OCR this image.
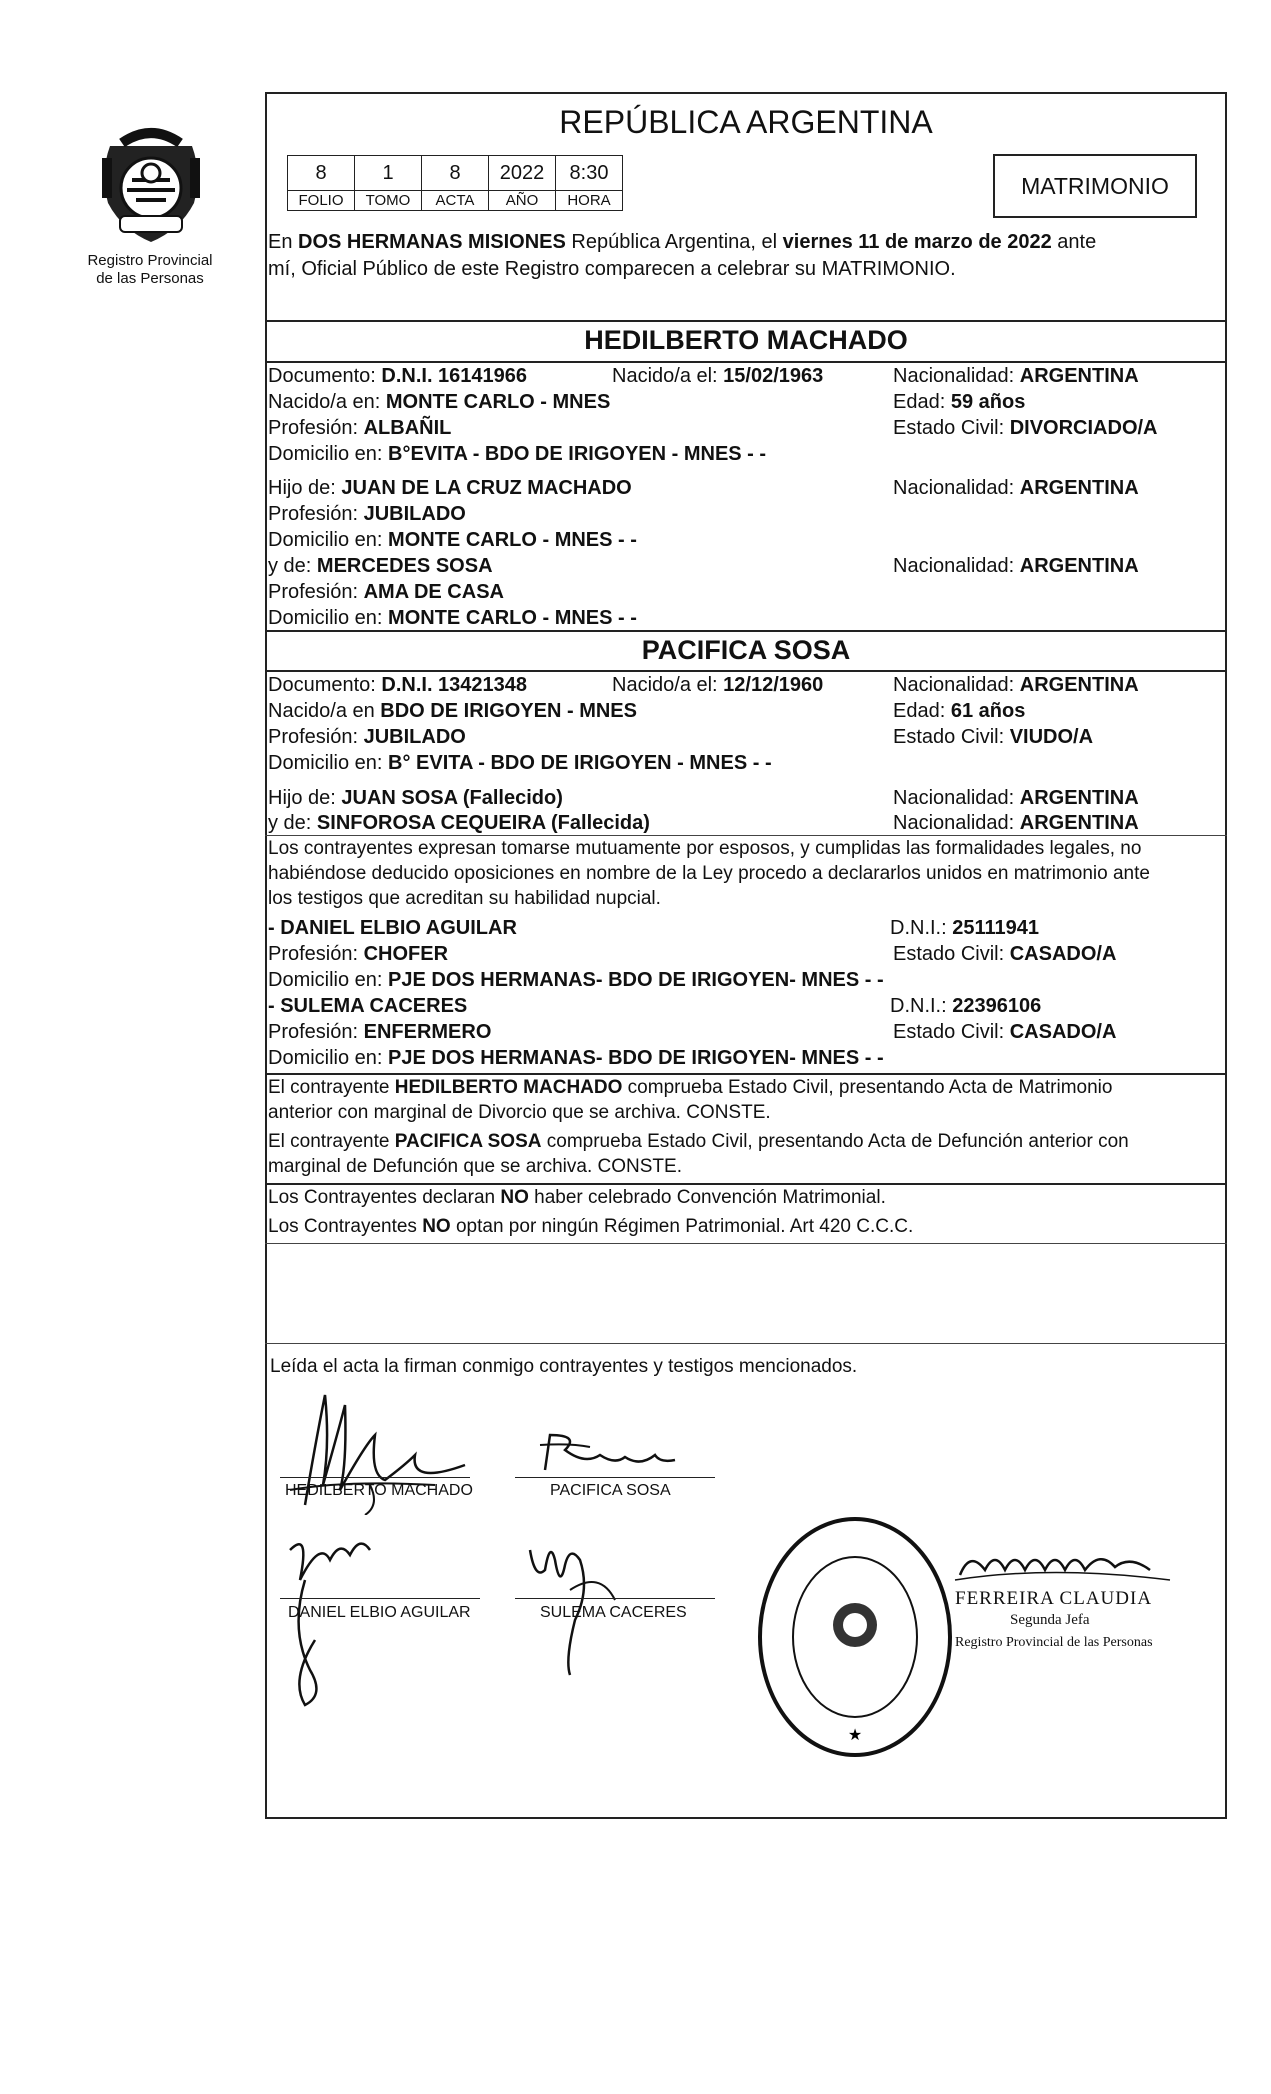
Registro Provincial
de las Personas
REPÚBLICA ARGENTINA
8	1	8	2022	8:30
FOLIO	TOMO	ACTA	AÑO	HORA
MATRIMONIO
En DOS HERMANAS MISIONES República Argentina, el viernes 11 de marzo de 2022 ante
mí, Oficial Público de este Registro comparecen a celebrar su MATRIMONIO.
HEDILBERTO MACHADO
Documento: D.N.I. 16141966	Nacido/a el: 15/02/1963	Nacionalidad: ARGENTINA
Nacido/a en: MONTE CARLO - MNES	Edad: 59 años
Profesión: ALBAÑIL	Estado Civil: DIVORCIADO/A
Domicilio en: B°EVITA - BDO DE IRIGOYEN - MNES - -
Hijo de: JUAN DE LA CRUZ MACHADO	Nacionalidad: ARGENTINA
Profesión: JUBILADO
Domicilio en: MONTE CARLO - MNES - -
y de: MERCEDES SOSA	Nacionalidad: ARGENTINA
Profesión: AMA DE CASA
Domicilio en: MONTE CARLO - MNES - -
PACIFICA SOSA
Documento: D.N.I. 13421348	Nacido/a el: 12/12/1960	Nacionalidad: ARGENTINA
Nacido/a en BDO DE IRIGOYEN - MNES	Edad: 61 años
Profesión: JUBILADO	Estado Civil: VIUDO/A
Domicilio en: B° EVITA - BDO DE IRIGOYEN - MNES - -
Hijo de: JUAN SOSA (Fallecido)	Nacionalidad: ARGENTINA
y de: SINFOROSA CEQUEIRA (Fallecida)	Nacionalidad: ARGENTINA
Los contrayentes expresan tomarse mutuamente por esposos, y cumplidas las formalidades legales, no
habiéndose deducido oposiciones en nombre de la Ley procedo a declararlos unidos en matrimonio ante
los testigos que acreditan su habilidad nupcial.
- DANIEL ELBIO AGUILAR	D.N.I.: 25111941
Profesión: CHOFER	Estado Civil: CASADO/A
Domicilio en: PJE DOS HERMANAS- BDO DE IRIGOYEN- MNES - -
- SULEMA CACERES	D.N.I.: 22396106
Profesión: ENFERMERO	Estado Civil: CASADO/A
Domicilio en: PJE DOS HERMANAS- BDO DE IRIGOYEN- MNES - -
El contrayente HEDILBERTO MACHADO comprueba Estado Civil, presentando Acta de Matrimonio
anterior con marginal de Divorcio que se archiva. CONSTE.
El contrayente PACIFICA SOSA comprueba Estado Civil, presentando Acta de Defunción anterior con
marginal de Defunción que se archiva. CONSTE.
Los Contrayentes declaran NO haber celebrado Convención Matrimonial.
Los Contrayentes NO optan por ningún Régimen Patrimonial. Art 420 C.C.C.
Leída el acta la firman conmigo contrayentes y testigos mencionados.
HEDILBERTO MACHADO	PACIFICA SOSA
DANIEL ELBIO AGUILAR	SULEMA CACERES
★
FERREIRA CLAUDIA
Segunda Jefa
Registro Provincial de las Personas
